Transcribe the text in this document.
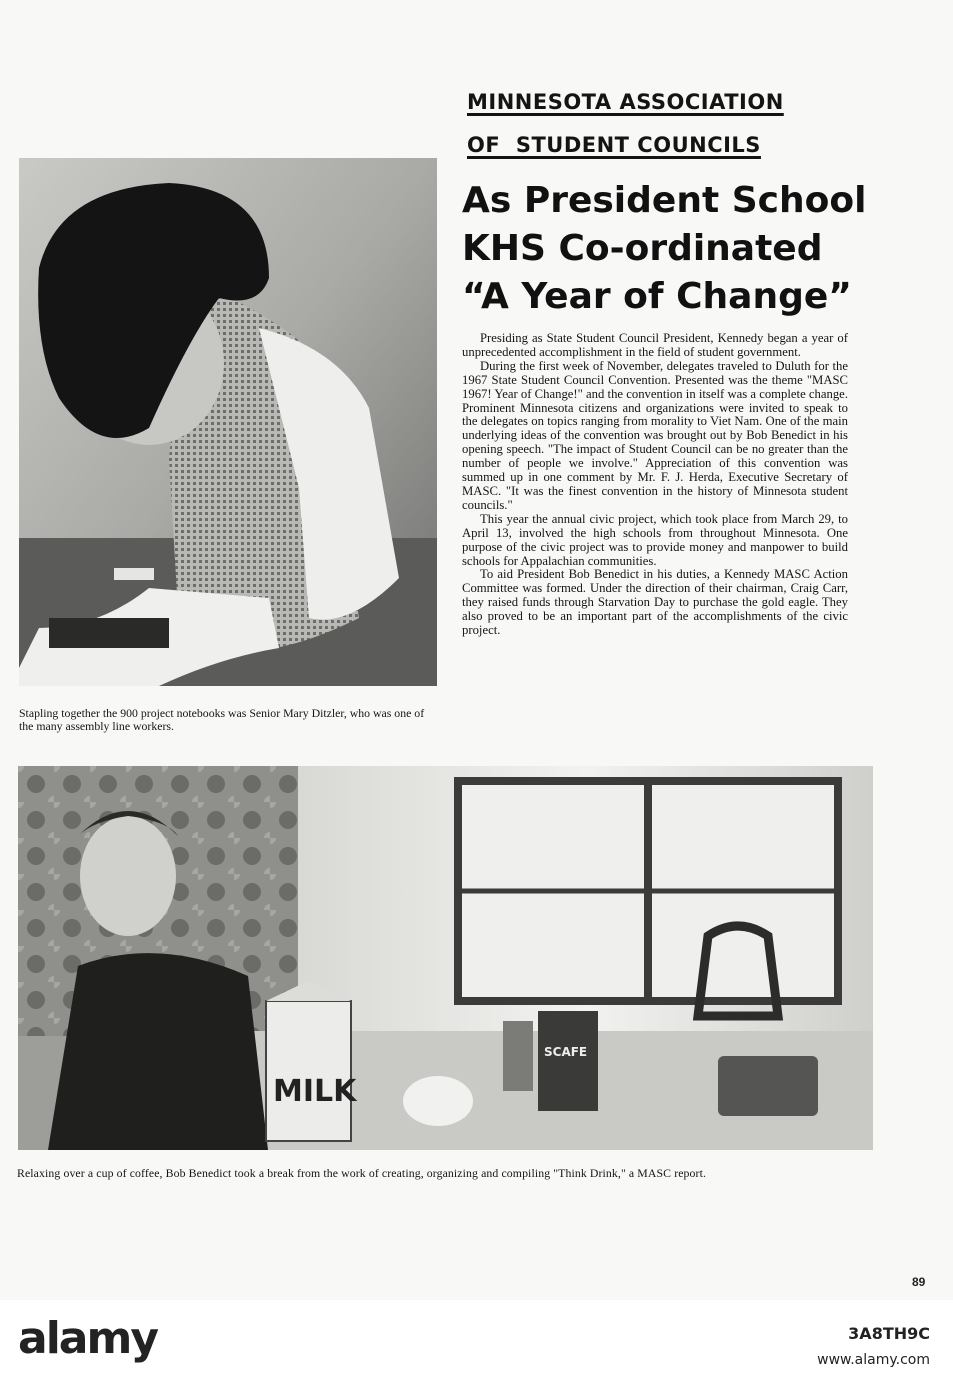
MINNESOTA ASSOCIATION
OF  STUDENT COUNCILS
As President School
KHS Co-ordinated
“A Year of Change”
Stapling together the 900 project notebooks was Senior Mary Ditzler, who was one of the many assembly line workers.

Presiding as State Student Council President, Kennedy began a year of unprecedented accomplishment in the field of student government.

During the first week of November, delegates traveled to Duluth for the 1967 State Student Council Convention. Presented was the theme "MASC 1967! Year of Change!" and the convention in itself was a complete change. Prominent Minnesota citizens and organizations were invited to speak to the delegates on topics ranging from morality to Viet Nam. One of the main underlying ideas of the convention was brought out by Bob Benedict in his opening speech. "The impact of Student Council can be no greater than the number of people we involve." Appreciation of this convention was summed up in one comment by Mr. F. J. Herda, Executive Secretary of MASC. "It was the finest convention in the history of Minnesota student councils."

This year the annual civic project, which took place from March 29, to April 13, involved the high schools from throughout Minnesota. One purpose of the civic project was to provide money and manpower to build schools for Appalachian communities.

To aid President Bob Benedict in his duties, a Kennedy MASC Action Committee was formed. Under the direction of their chairman, Craig Carr, they raised funds through Starvation Day to purchase the gold eagle. They also proved to be an important part of the accomplishments of the civic project.

MILK
SCAFE
Relaxing over a cup of coffee, Bob Benedict took a break from the work of creating, organizing and compiling "Think Drink," a MASC report.
89
alamy	3A8TH9C
www.alamy.com
